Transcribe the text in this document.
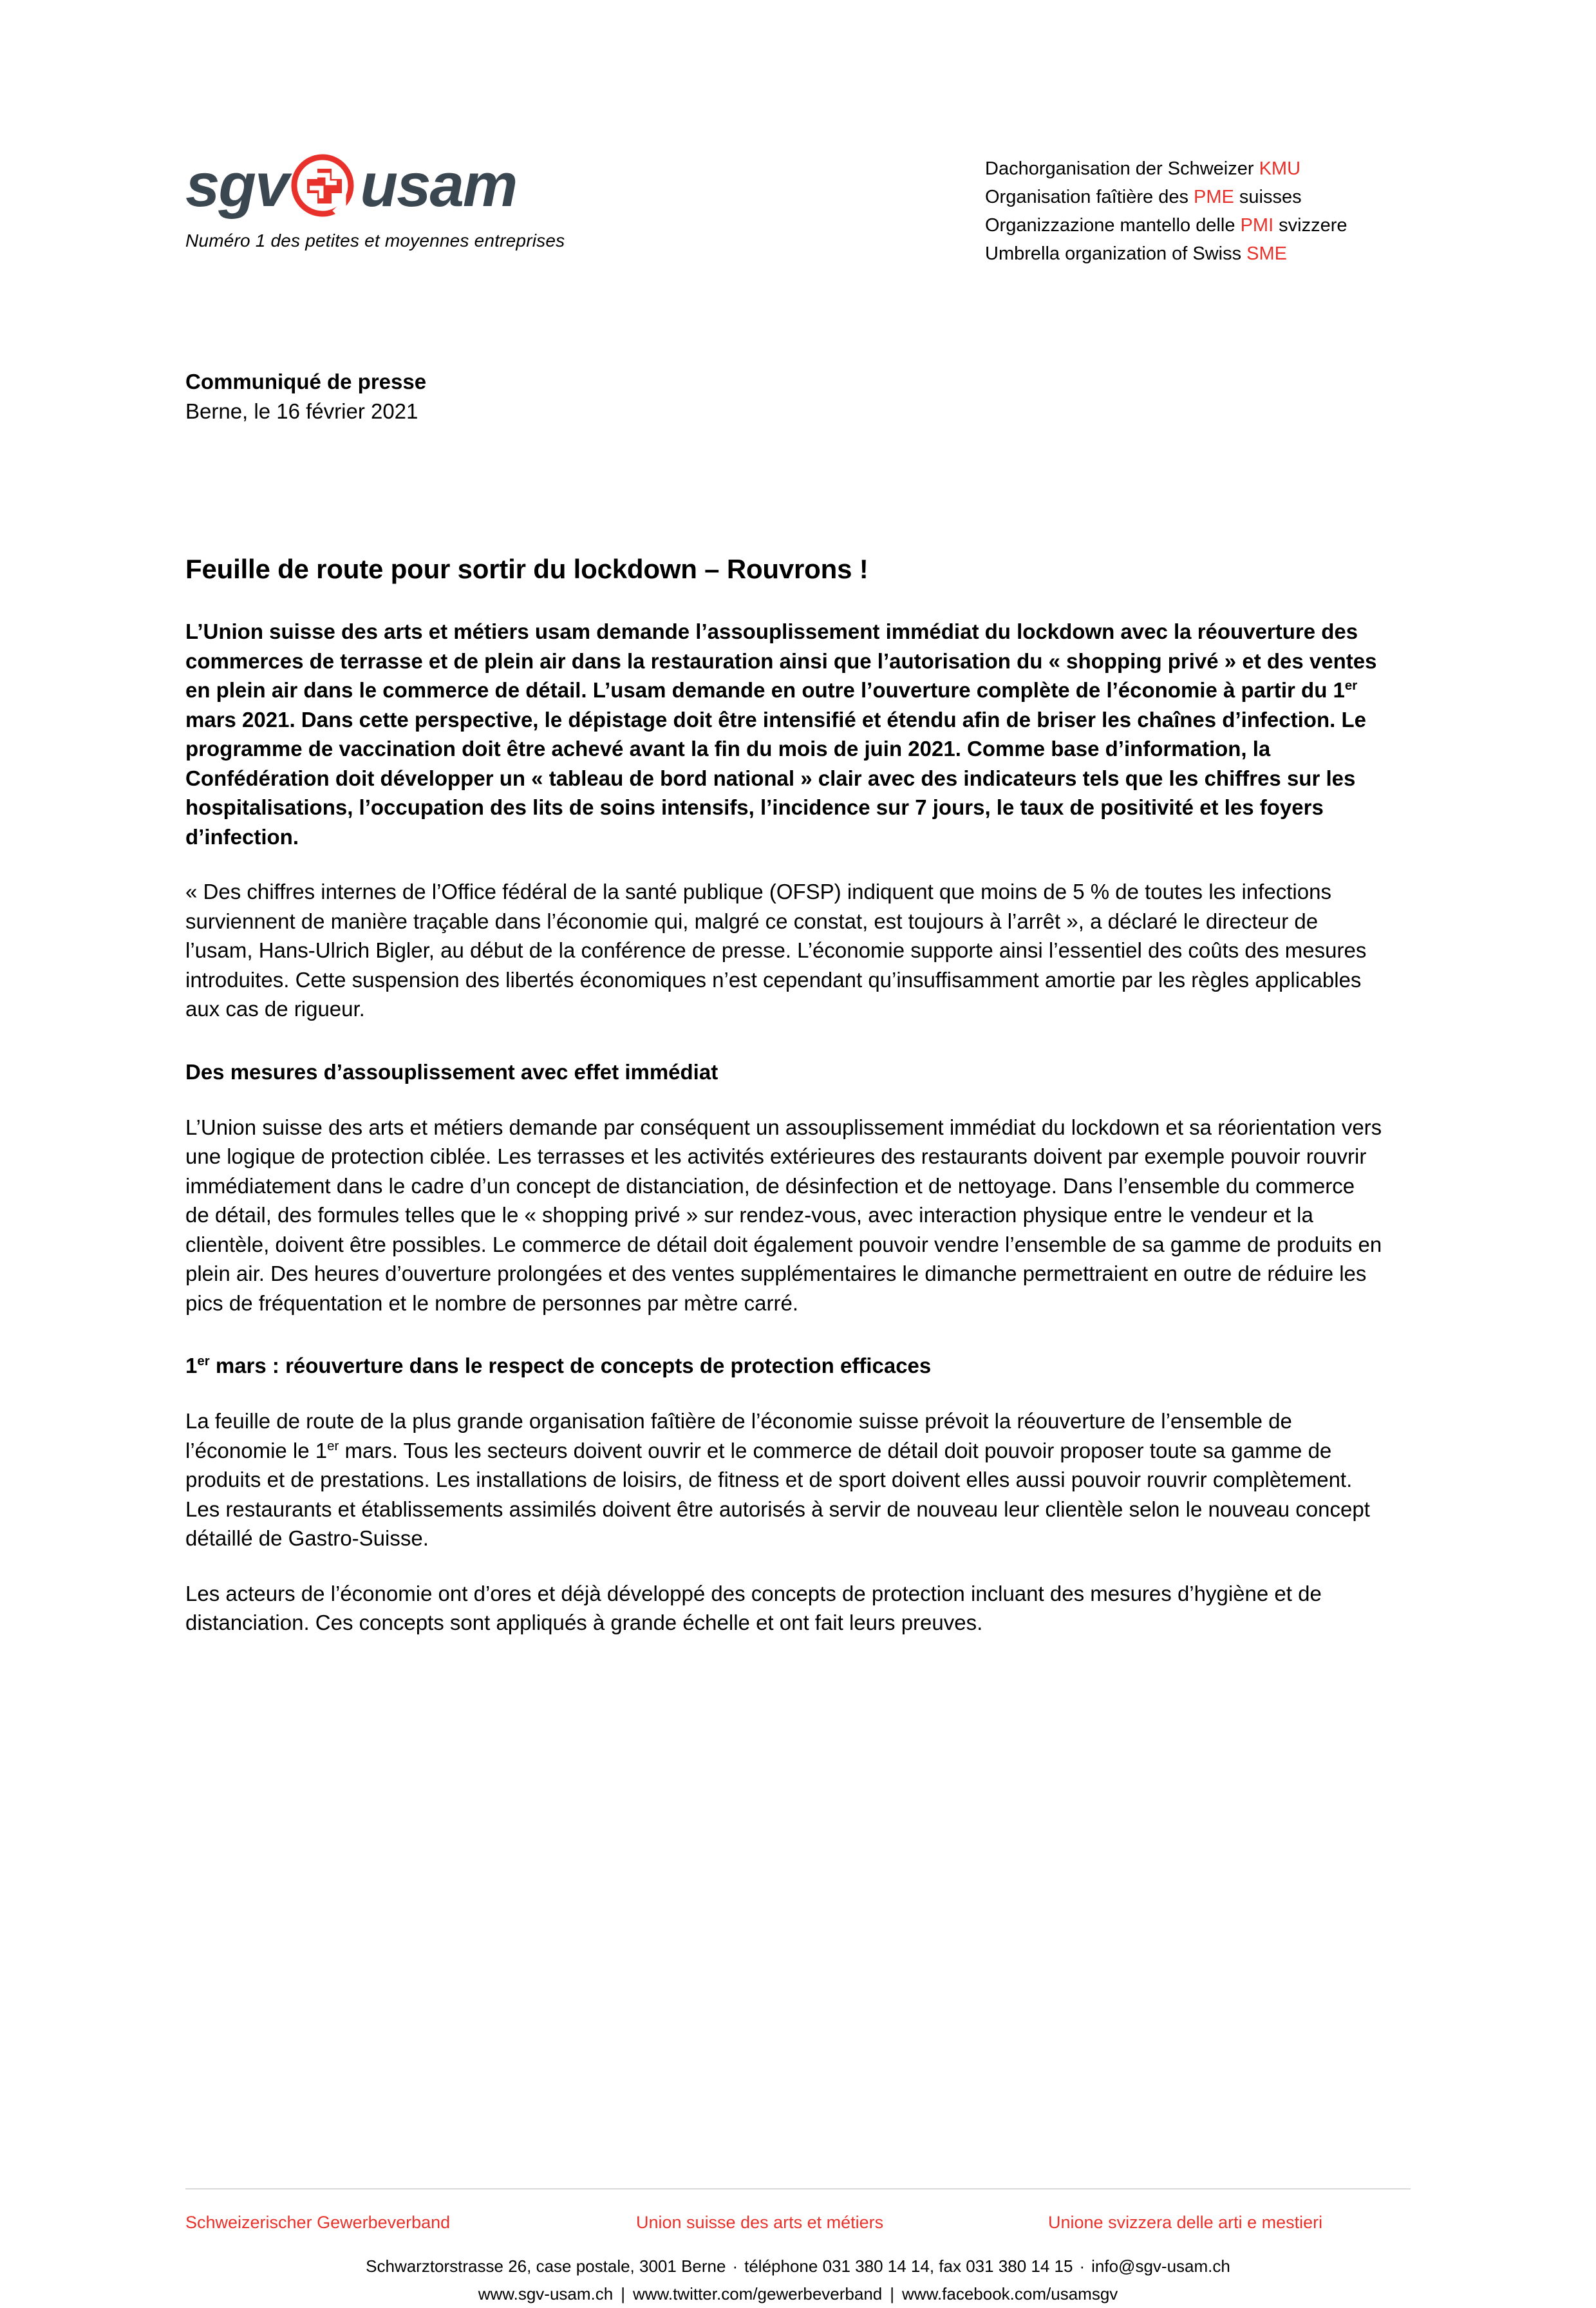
sgv usam
Numéro 1 des petites et moyennes entreprises
Dachorganisation der Schweizer KMU
Organisation faîtière des PME suisses
Organizzazione mantello delle PMI svizzere
Umbrella organization of Swiss SME

Communiqué de presse

Berne, le 16 février 2021

Feuille de route pour sortir du lockdown – Rouvrons !

L’Union suisse des arts et métiers usam demande l’assouplissement immédiat du lockdown avec la réouverture des commerces de terrasse et de plein air dans la restauration ainsi que l’autorisation du « shopping privé » et des ventes en plein air dans le commerce de détail. L’usam demande en outre l’ouverture complète de l’économie à partir du 1er mars 2021. Dans cette perspective, le dépistage doit être intensifié et étendu afin de briser les chaînes d’infection. Le programme de vaccination doit être achevé avant la fin du mois de juin 2021. Comme base d’information, la Confédération doit développer un « tableau de bord national » clair avec des indicateurs tels que les chiffres sur les hospitalisations, l’occupation des lits de soins intensifs, l’incidence sur 7 jours, le taux de positivité et les foyers d’infection.

« Des chiffres internes de l’Office fédéral de la santé publique (OFSP) indiquent que moins de 5 % de toutes les infections surviennent de manière traçable dans l’économie qui, malgré ce constat, est toujours à l’arrêt », a déclaré le directeur de l’usam, Hans-Ulrich Bigler, au début de la conférence de presse. L’économie supporte ainsi l’essentiel des coûts des mesures introduites. Cette suspension des libertés économiques n’est cependant qu’insuffisamment amortie par les règles applicables aux cas de rigueur.

Des mesures d’assouplissement avec effet immédiat

L’Union suisse des arts et métiers demande par conséquent un assouplissement immédiat du lockdown et sa réorientation vers une logique de protection ciblée. Les terrasses et les activités extérieures des restaurants doivent par exemple pouvoir rouvrir immédiatement dans le cadre d’un concept de distanciation, de désinfection et de nettoyage. Dans l’ensemble du commerce de détail, des formules telles que le « shopping privé » sur rendez-vous, avec interaction physique entre le vendeur et la clientèle, doivent être possibles. Le commerce de détail doit également pouvoir vendre l’ensemble de sa gamme de produits en plein air. Des heures d’ouverture prolongées et des ventes supplémentaires le dimanche permettraient en outre de réduire les pics de fréquentation et le nombre de personnes par mètre carré.

1er mars : réouverture dans le respect de concepts de protection efficaces

La feuille de route de la plus grande organisation faîtière de l’économie suisse prévoit la réouverture de l’ensemble de l’économie le 1er mars. Tous les secteurs doivent ouvrir et le commerce de détail doit pouvoir proposer toute sa gamme de produits et de prestations. Les installations de loisirs, de fitness et de sport doivent elles aussi pouvoir rouvrir complètement. Les restaurants et établissements assimilés doivent être autorisés à servir de nouveau leur clientèle selon le nouveau concept détaillé de Gastro-Suisse.

Les acteurs de l’économie ont d’ores et déjà développé des concepts de protection incluant des mesures d’hygiène et de distanciation. Ces concepts sont appliqués à grande échelle et ont fait leurs preuves.

Schweizerischer Gewerbeverband	Union suisse des arts et métiers	Unione svizzera delle arti e mestieri
Schwarztorstrasse 26, case postale, 3001 Berne · téléphone 031 380 14 14, fax 031 380 14 15 · info@sgv-usam.ch
www.sgv-usam.ch | www.twitter.com/gewerbeverband | www.facebook.com/usamsgv
